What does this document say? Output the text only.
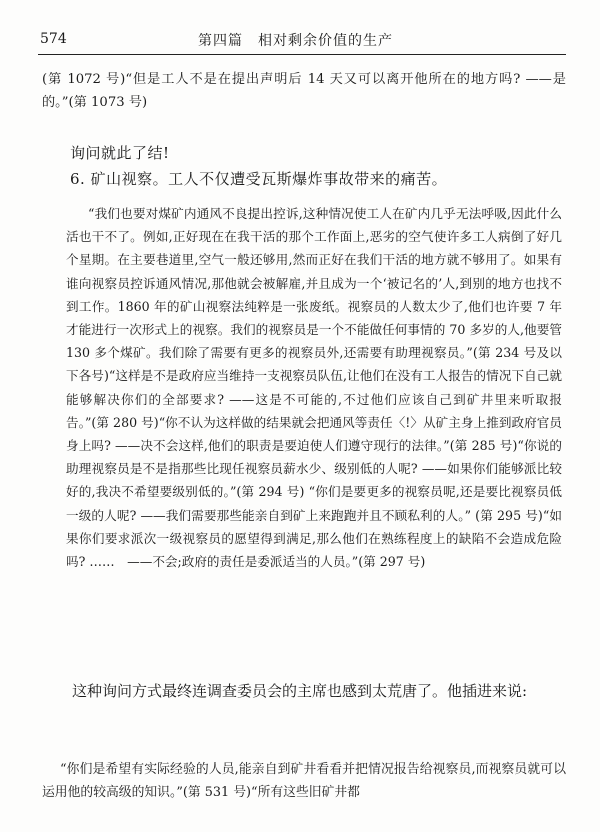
574	第四篇　相对剩余价值的生产
(第 1072 号)“但是工人不是在提出声明后 14 天又可以离开他所在的地方吗? ——是的。”(第 1073 号)
询问就此了结!
6. 矿山视察。工人不仅遭受瓦斯爆炸事故带来的痛苦。
“我们也要对煤矿内通风不良提出控诉,这种情况使工人在矿内几乎无法呼吸,因此什么活也干不了。例如,正好现在在我干活的那个工作面上,恶劣的空气使许多工人病倒了好几个星期。在主要巷道里,空气一般还够用,然而正好在我们干活的地方就不够用了。如果有谁向视察员控诉通风情况,那他就会被解雇,并且成为一个‘被记名的’人,到别的地方也找不到工作。1860 年的矿山视察法纯粹是一张废纸。视察员的人数太少了,他们也许要 7 年才能进行一次形式上的视察。我们的视察员是一个不能做任何事情的 70 多岁的人,他要管 130 多个煤矿。我们除了需要有更多的视察员外,还需要有助理视察员。”(第 234 号及以下各号)“这样是不是政府应当维持一支视察员队伍,让他们在没有工人报告的情况下自己就能够解决你们的全部要求? ——这是不可能的,不过他们应该自己到矿井里来听取报告。”(第 280 号)“你不认为这样做的结果就会把通风等责任〈!〉从矿主身上推到政府官员身上吗? ——决不会这样,他们的职责是要迫使人们遵守现行的法律。”(第 285 号)“你说的助理视察员是不是指那些比现任视察员薪水少、级别低的人呢? ——如果你们能够派比较好的,我决不希望要级别低的。”(第 294 号) “你们是要更多的视察员呢,还是要比视察员低一级的人呢? ——我们需要那些能亲自到矿上来跑跑并且不顾私利的人。” (第 295 号)“如果你们要求派次一级视察员的愿望得到满足,那么他们在熟练程度上的缺陷不会造成危险吗? ……　——不会;政府的责任是委派适当的人员。”(第 297 号)
这种询问方式最终连调查委员会的主席也感到太荒唐了。他插进来说:
“你们是希望有实际经验的人员,能亲自到矿井看看并把情况报告给视察员,而视察员就可以运用他的较高级的知识。”(第 531 号)“所有这些旧矿井都
